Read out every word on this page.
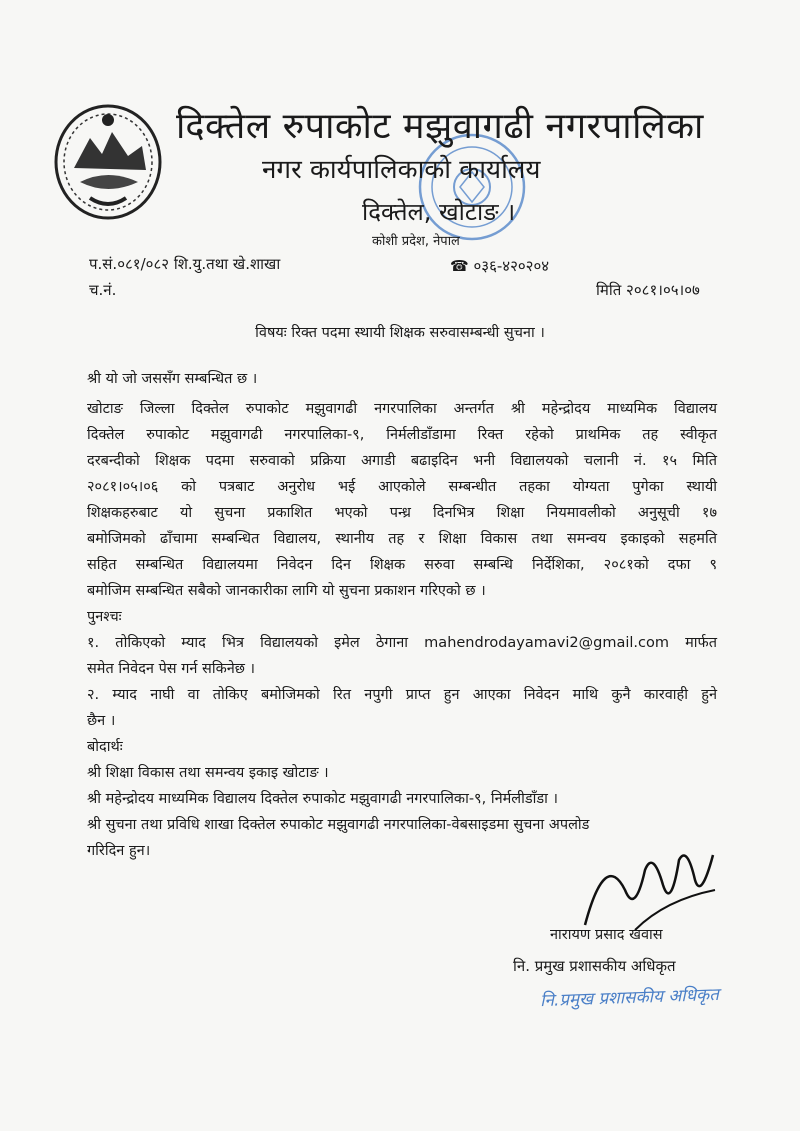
दिक्तेल रुपाकोट मझुवागढी नगरपालिका
नगर कार्यपालिकाको कार्यालय
दिक्तेल, खोटाङ ।
कोशी प्रदेश, नेपाल
प.सं.०८१/०८२ शि.यु.तथा खे.शाखा
च.नं.
☎ ०३६-४२०२०४
मिति २०८१।०५।०७
विषयः रिक्त पदमा स्थायी शिक्षक सरुवासम्बन्धी सुचना ।
श्री यो जो जससँग सम्बन्धित छ ।
खोटाङ जिल्ला दिक्तेल रुपाकोट मझुवागढी नगरपालिका अन्तर्गत श्री महेन्द्रोदय माध्यमिक विद्यालय
दिक्तेल रुपाकोट मझुवागढी नगरपालिका-९, निर्मलीडाँडामा रिक्त रहेको प्राथमिक तह स्वीकृत
दरबन्दीको शिक्षक पदमा सरुवाको प्रक्रिया अगाडी बढाइदिन भनी विद्यालयको चलानी नं. १५ मिति
२०८१।०५।०६ को पत्रबाट अनुरोध भई आएकोले सम्बन्धीत तहका योग्यता पुगेका स्थायी
शिक्षकहरुबाट यो सुचना प्रकाशित भएको पन्ध्र दिनभित्र शिक्षा नियमावलीको अनुसूची १७
बमोजिमको ढाँचामा सम्बन्धित विद्यालय, स्थानीय तह र शिक्षा विकास तथा समन्वय इकाइको सहमति
सहित सम्बन्धित विद्यालयमा निवेदन दिन शिक्षक सरुवा सम्बन्धि निर्देशिका, २०८१को दफा ९
बमोजिम सम्बन्धित सबैको जानकारीका लागि यो सुचना प्रकाशन गरिएको छ ।
पुनश्चः
१. तोकिएको म्याद भित्र विद्यालयको इमेल ठेगाना mahendrodayamavi2@gmail.com मार्फत
समेत निवेदन पेस गर्न सकिनेछ ।
२. म्याद नाघी वा तोकिए बमोजिमको रित नपुगी प्राप्त हुन आएका निवेदन माथि कुनै कारवाही हुने
छैन ।
बोदार्थः
श्री शिक्षा विकास तथा समन्वय इकाइ खोटाङ ।
श्री महेन्द्रोदय माध्यमिक विद्यालय दिक्तेल रुपाकोट मझुवागढी नगरपालिका-९, निर्मलीडाँडा ।
श्री सुचना तथा प्रविधि शाखा दिक्तेल रुपाकोट मझुवागढी नगरपालिका-वेबसाइडमा सुचना अपलोड
गरिदिन हुन।
नारायण प्रसाद खवास
नि. प्रमुख प्रशासकीय अधिकृत
नि.प्रमुख प्रशासकीय अधिकृत
